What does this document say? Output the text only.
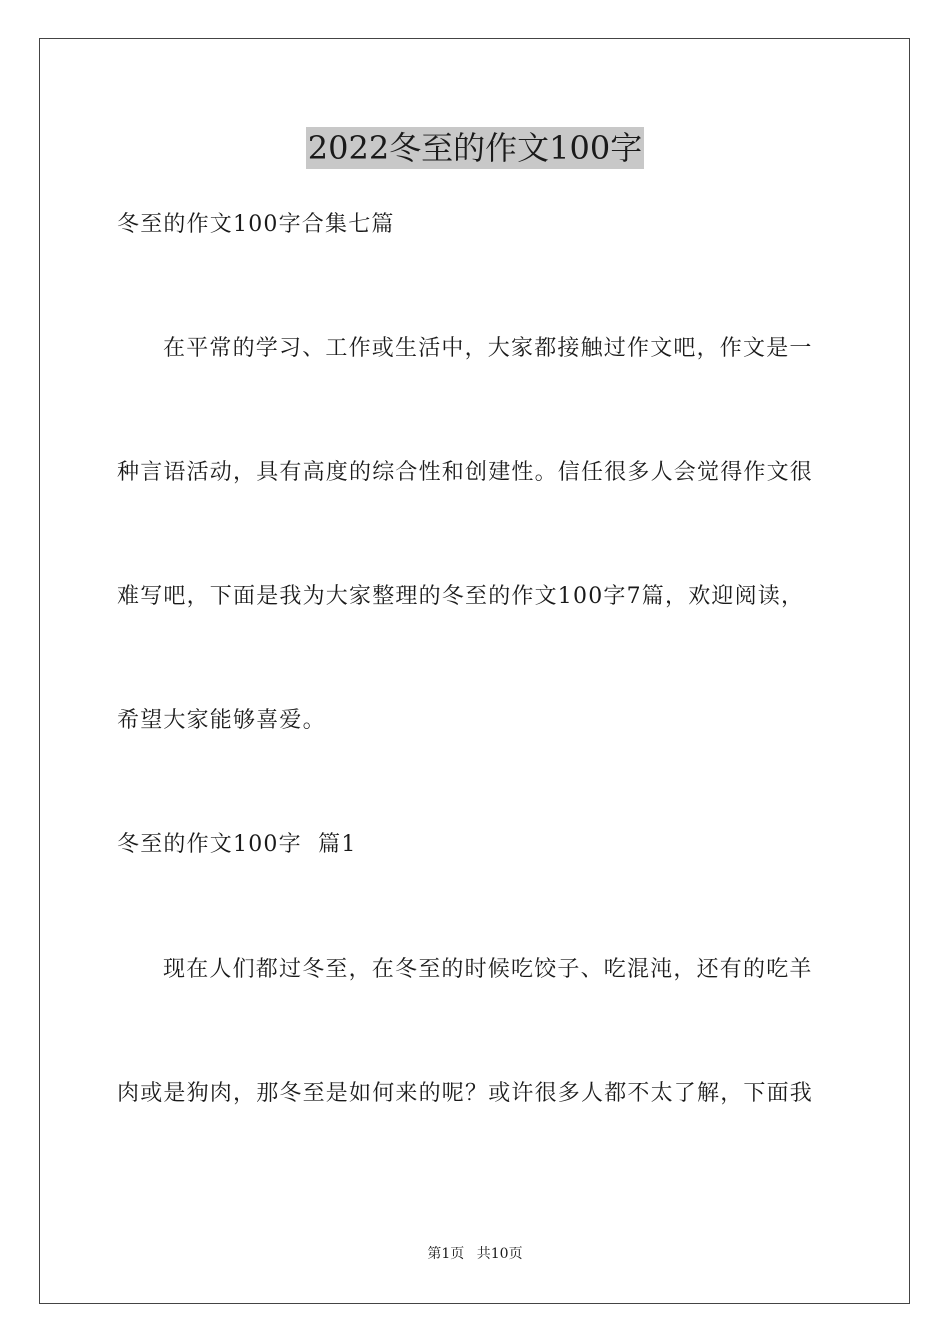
2022冬至的作文100字
冬至的作文100字合集七篇
在平常的学习、工作或生活中，大家都接触过作文吧，作文是一
种言语活动，具有高度的综合性和创建性。信任很多人会觉得作文很
难写吧，下面是我为大家整理的冬至的作文100字7篇，欢迎阅读，
希望大家能够喜爱。
冬至的作文100字  篇1
现在人们都过冬至，在冬至的时候吃饺子、吃混沌，还有的吃羊
肉或是狗肉，那冬至是如何来的呢？或许很多人都不太了解，下面我
第1页 共10页
